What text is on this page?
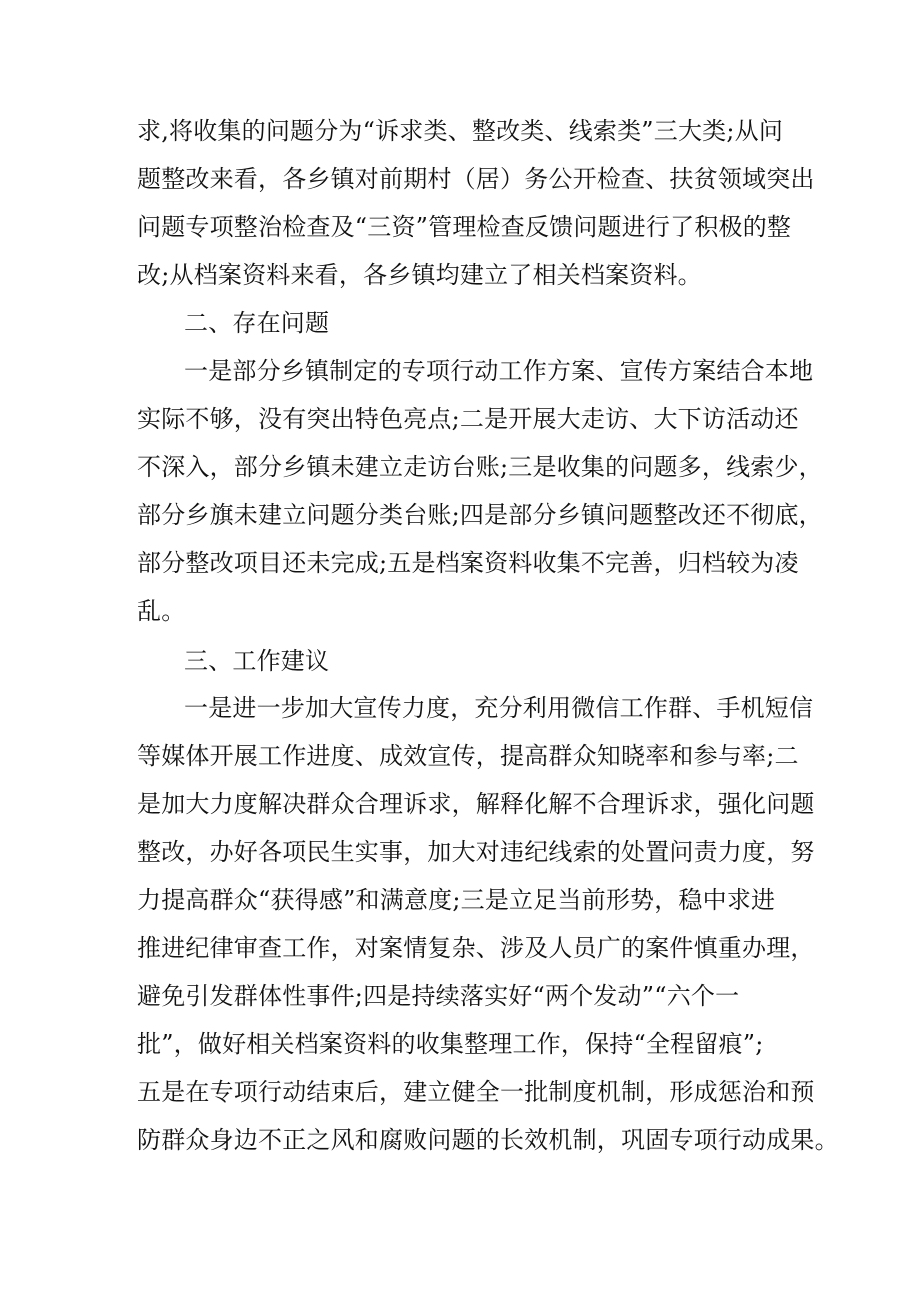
求,将收集的问题分为“诉求类、整改类、线索类”三大类;从问
题整改来看，各乡镇对前期村（居）务公开检查、扶贫领域突出
问题专项整治检查及“三资”管理检查反馈问题进行了积极的整
改;从档案资料来看，各乡镇均建立了相关档案资料。
二、存在问题
一是部分乡镇制定的专项行动工作方案、宣传方案结合本地
实际不够，没有突出特色亮点;二是开展大走访、大下访活动还
不深入，部分乡镇未建立走访台账;三是收集的问题多，线索少，
部分乡旗未建立问题分类台账;四是部分乡镇问题整改还不彻底，
部分整改项目还未完成;五是档案资料收集不完善，归档较为凌
乱。
三、工作建议
一是进一步加大宣传力度，充分利用微信工作群、手机短信
等媒体开展工作进度、成效宣传，提高群众知晓率和参与率;二
是加大力度解决群众合理诉求，解释化解不合理诉求，强化问题
整改，办好各项民生实事，加大对违纪线索的处置问责力度，努
力提高群众“获得感”和满意度;三是立足当前形势，稳中求进
推进纪律审查工作，对案情复杂、涉及人员广的案件慎重办理，
避免引发群体性事件;四是持续落实好“两个发动”“六个一
批”，做好相关档案资料的收集整理工作，保持“全程留痕”;
五是在专项行动结束后，建立健全一批制度机制，形成惩治和预
防群众身边不正之风和腐败问题的长效机制，巩固专项行动成果。
